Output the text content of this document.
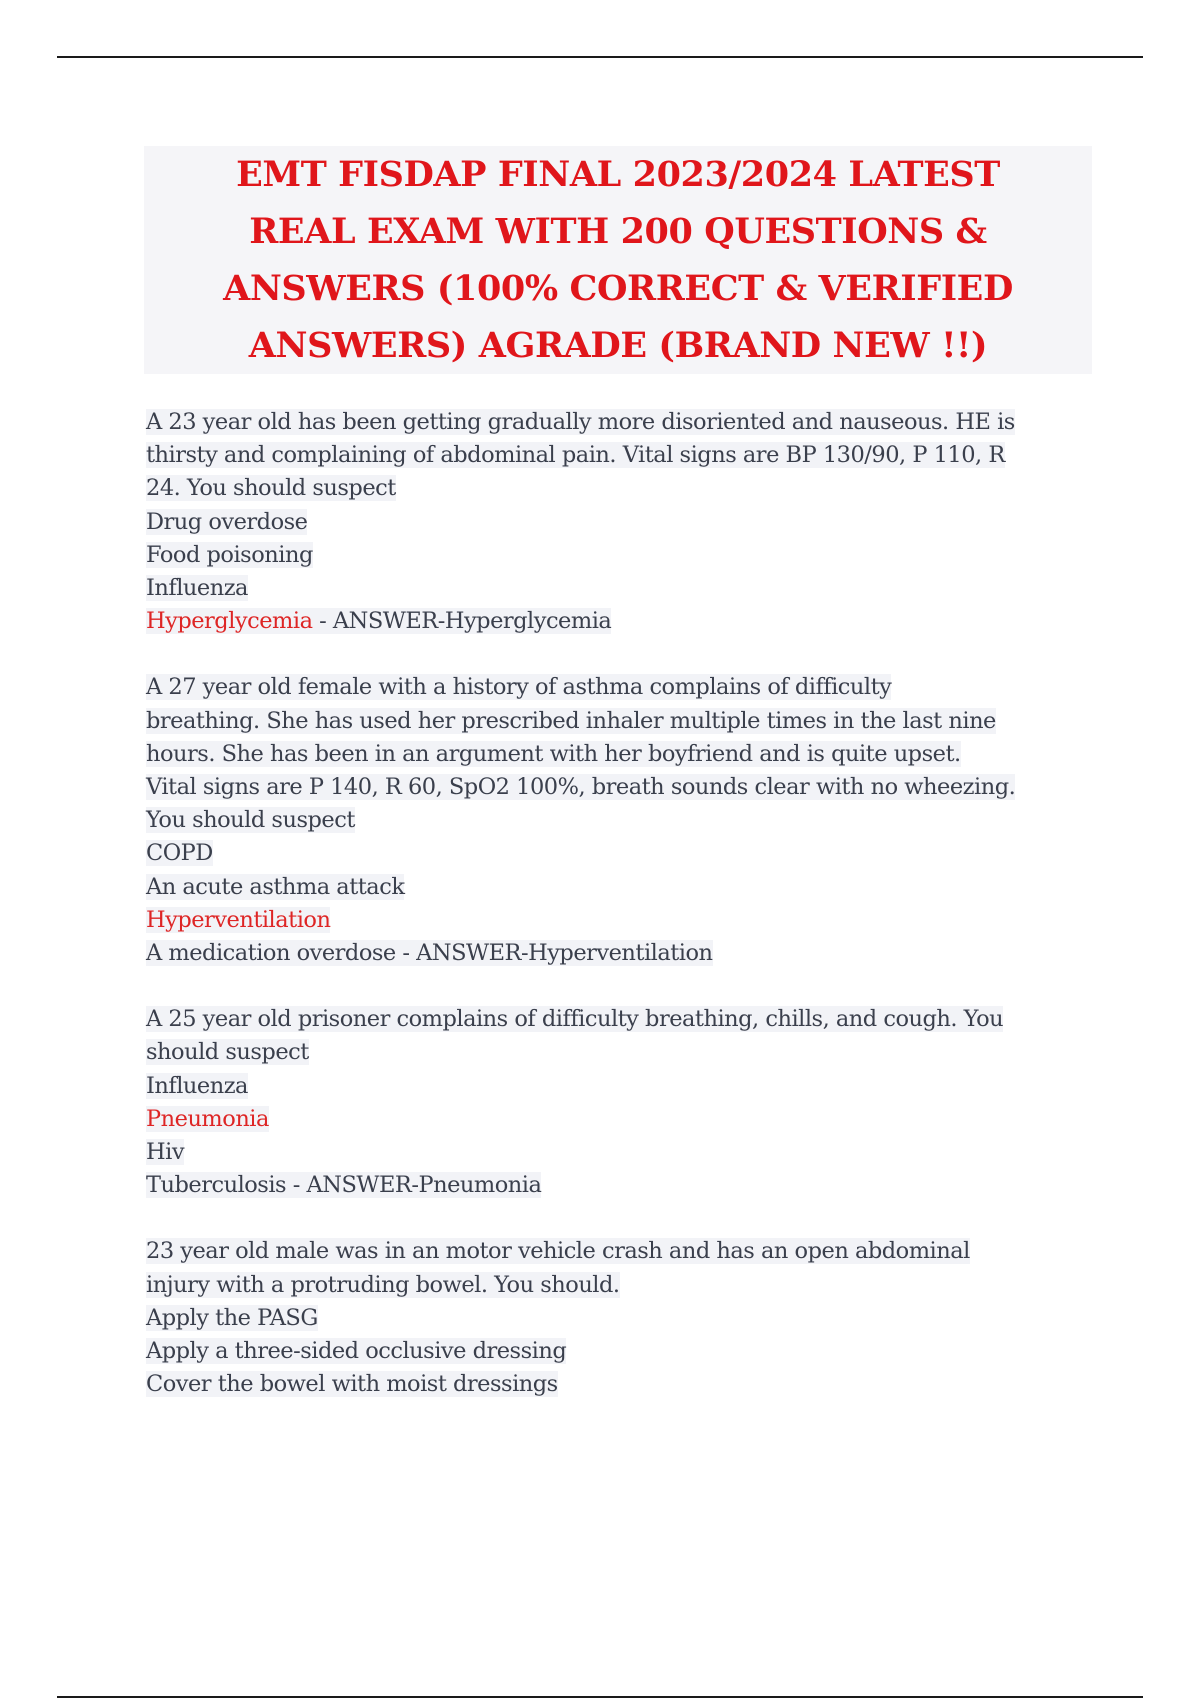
EMT FISDAP FINAL 2023/2024 LATEST
REAL EXAM WITH 200 QUESTIONS &
ANSWERS (100% CORRECT & VERIFIED
ANSWERS) AGRADE (BRAND NEW !!)
A 23 year old has been getting gradually more disoriented and nauseous. HE is
thirsty and complaining of abdominal pain. Vital signs are BP 130/90, P 110, R
24. You should suspect
Drug overdose
Food poisoning
Influenza
Hyperglycemia - ANSWER-Hyperglycemia
A 27 year old female with a history of asthma complains of difficulty
breathing. She has used her prescribed inhaler multiple times in the last nine
hours. She has been in an argument with her boyfriend and is quite upset.
Vital signs are P 140, R 60, SpO2 100%, breath sounds clear with no wheezing.
You should suspect
COPD
An acute asthma attack
Hyperventilation
A medication overdose - ANSWER-Hyperventilation
A 25 year old prisoner complains of difficulty breathing, chills, and cough. You
should suspect
Influenza
Pneumonia
Hiv
Tuberculosis - ANSWER-Pneumonia
23 year old male was in an motor vehicle crash and has an open abdominal
injury with a protruding bowel. You should.
Apply the PASG
Apply a three-sided occlusive dressing
Cover the bowel with moist dressings
